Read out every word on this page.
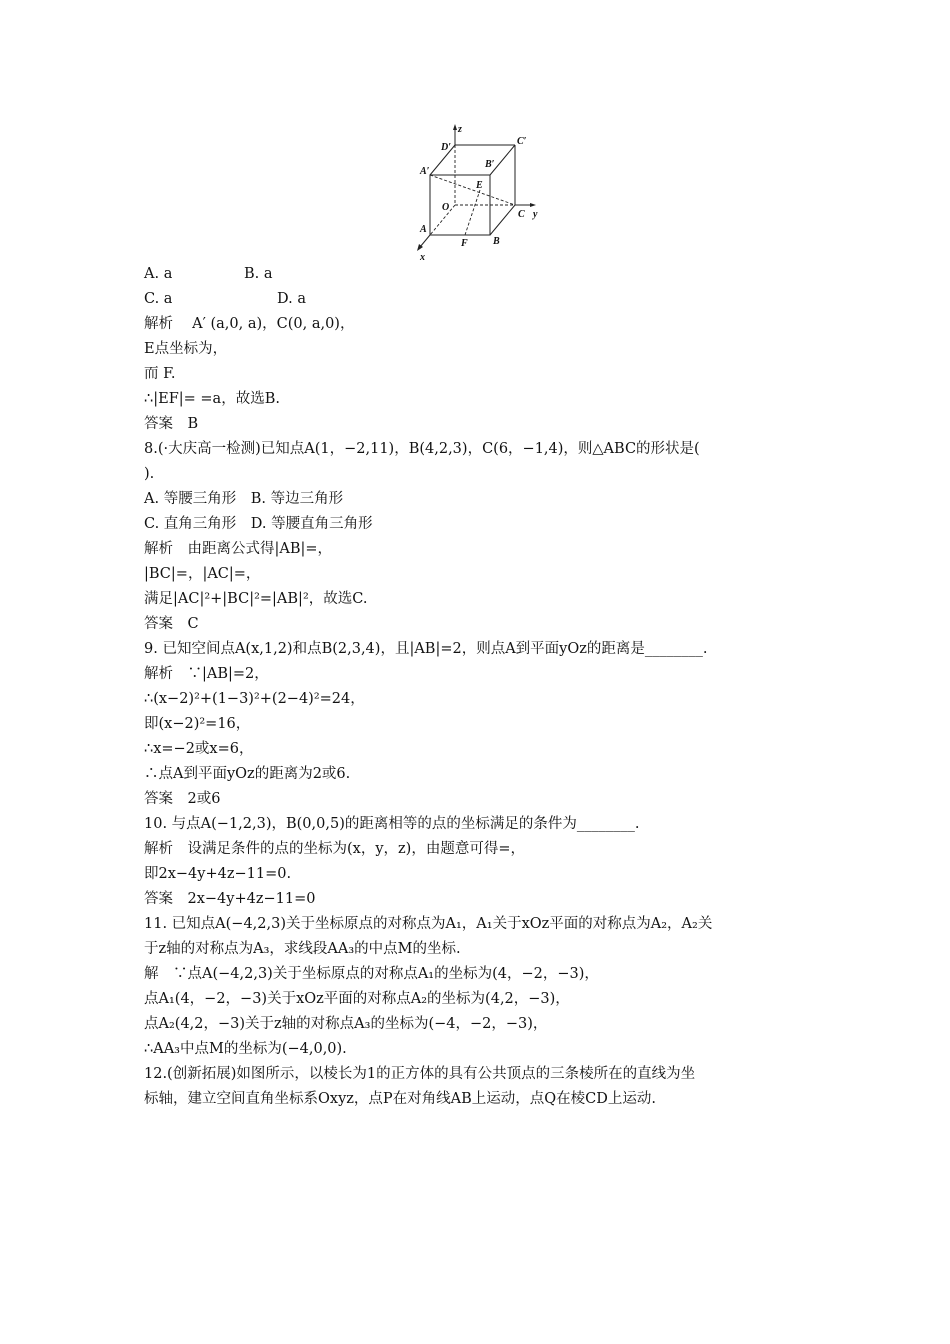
z
D′
C′
A′
B′
E
O
C y
A
F	B
x
A. a	B. a
C. a	D. a
解析　 A′ (a,0, a)，C(0, a,0)，
E点坐标为，
而 F.
∴|EF|= =a，故选B.
答案　B
8.(·大庆高一检测)已知点A(1，−2,11)，B(4,2,3)，C(6，−1,4)，则△ABC的形状是(
).
A. 等腰三角形　B. 等边三角形
C. 直角三角形　D. 等腰直角三角形
解析　由距离公式得|AB|=，
|BC|=，|AC|=，
满足|AC|²+|BC|²=|AB|²，故选C.
答案　C
9. 已知空间点A(x,1,2)和点B(2,3,4)，且|AB|=2，则点A到平面yOz的距离是________.
解析　∵|AB|=2，
∴(x−2)²+(1−3)²+(2−4)²=24，
即(x−2)²=16，
∴x=−2或x=6，
∴点A到平面yOz的距离为2或6.
答案　2或6
10. 与点A(−1,2,3)，B(0,0,5)的距离相等的点的坐标满足的条件为________.
解析　设满足条件的点的坐标为(x，y，z)，由题意可得=，
即2x−4y+4z−11=0.
答案　2x−4y+4z−11=0
11. 已知点A(−4,2,3)关于坐标原点的对称点为A₁，A₁关于xOz平面的对称点为A₂，A₂关
于z轴的对称点为A₃，求线段AA₃的中点M的坐标.
解　∵点A(−4,2,3)关于坐标原点的对称点A₁的坐标为(4，−2，−3)，
点A₁(4，−2，−3)关于xOz平面的对称点A₂的坐标为(4,2，−3)，
点A₂(4,2，−3)关于z轴的对称点A₃的坐标为(−4，−2，−3)，
∴AA₃中点M的坐标为(−4,0,0).
12.(创新拓展)如图所示，以棱长为1的正方体的具有公共顶点的三条棱所在的直线为坐
标轴，建立空间直角坐标系Oxyz，点P在对角线AB上运动，点Q在棱CD上运动.
